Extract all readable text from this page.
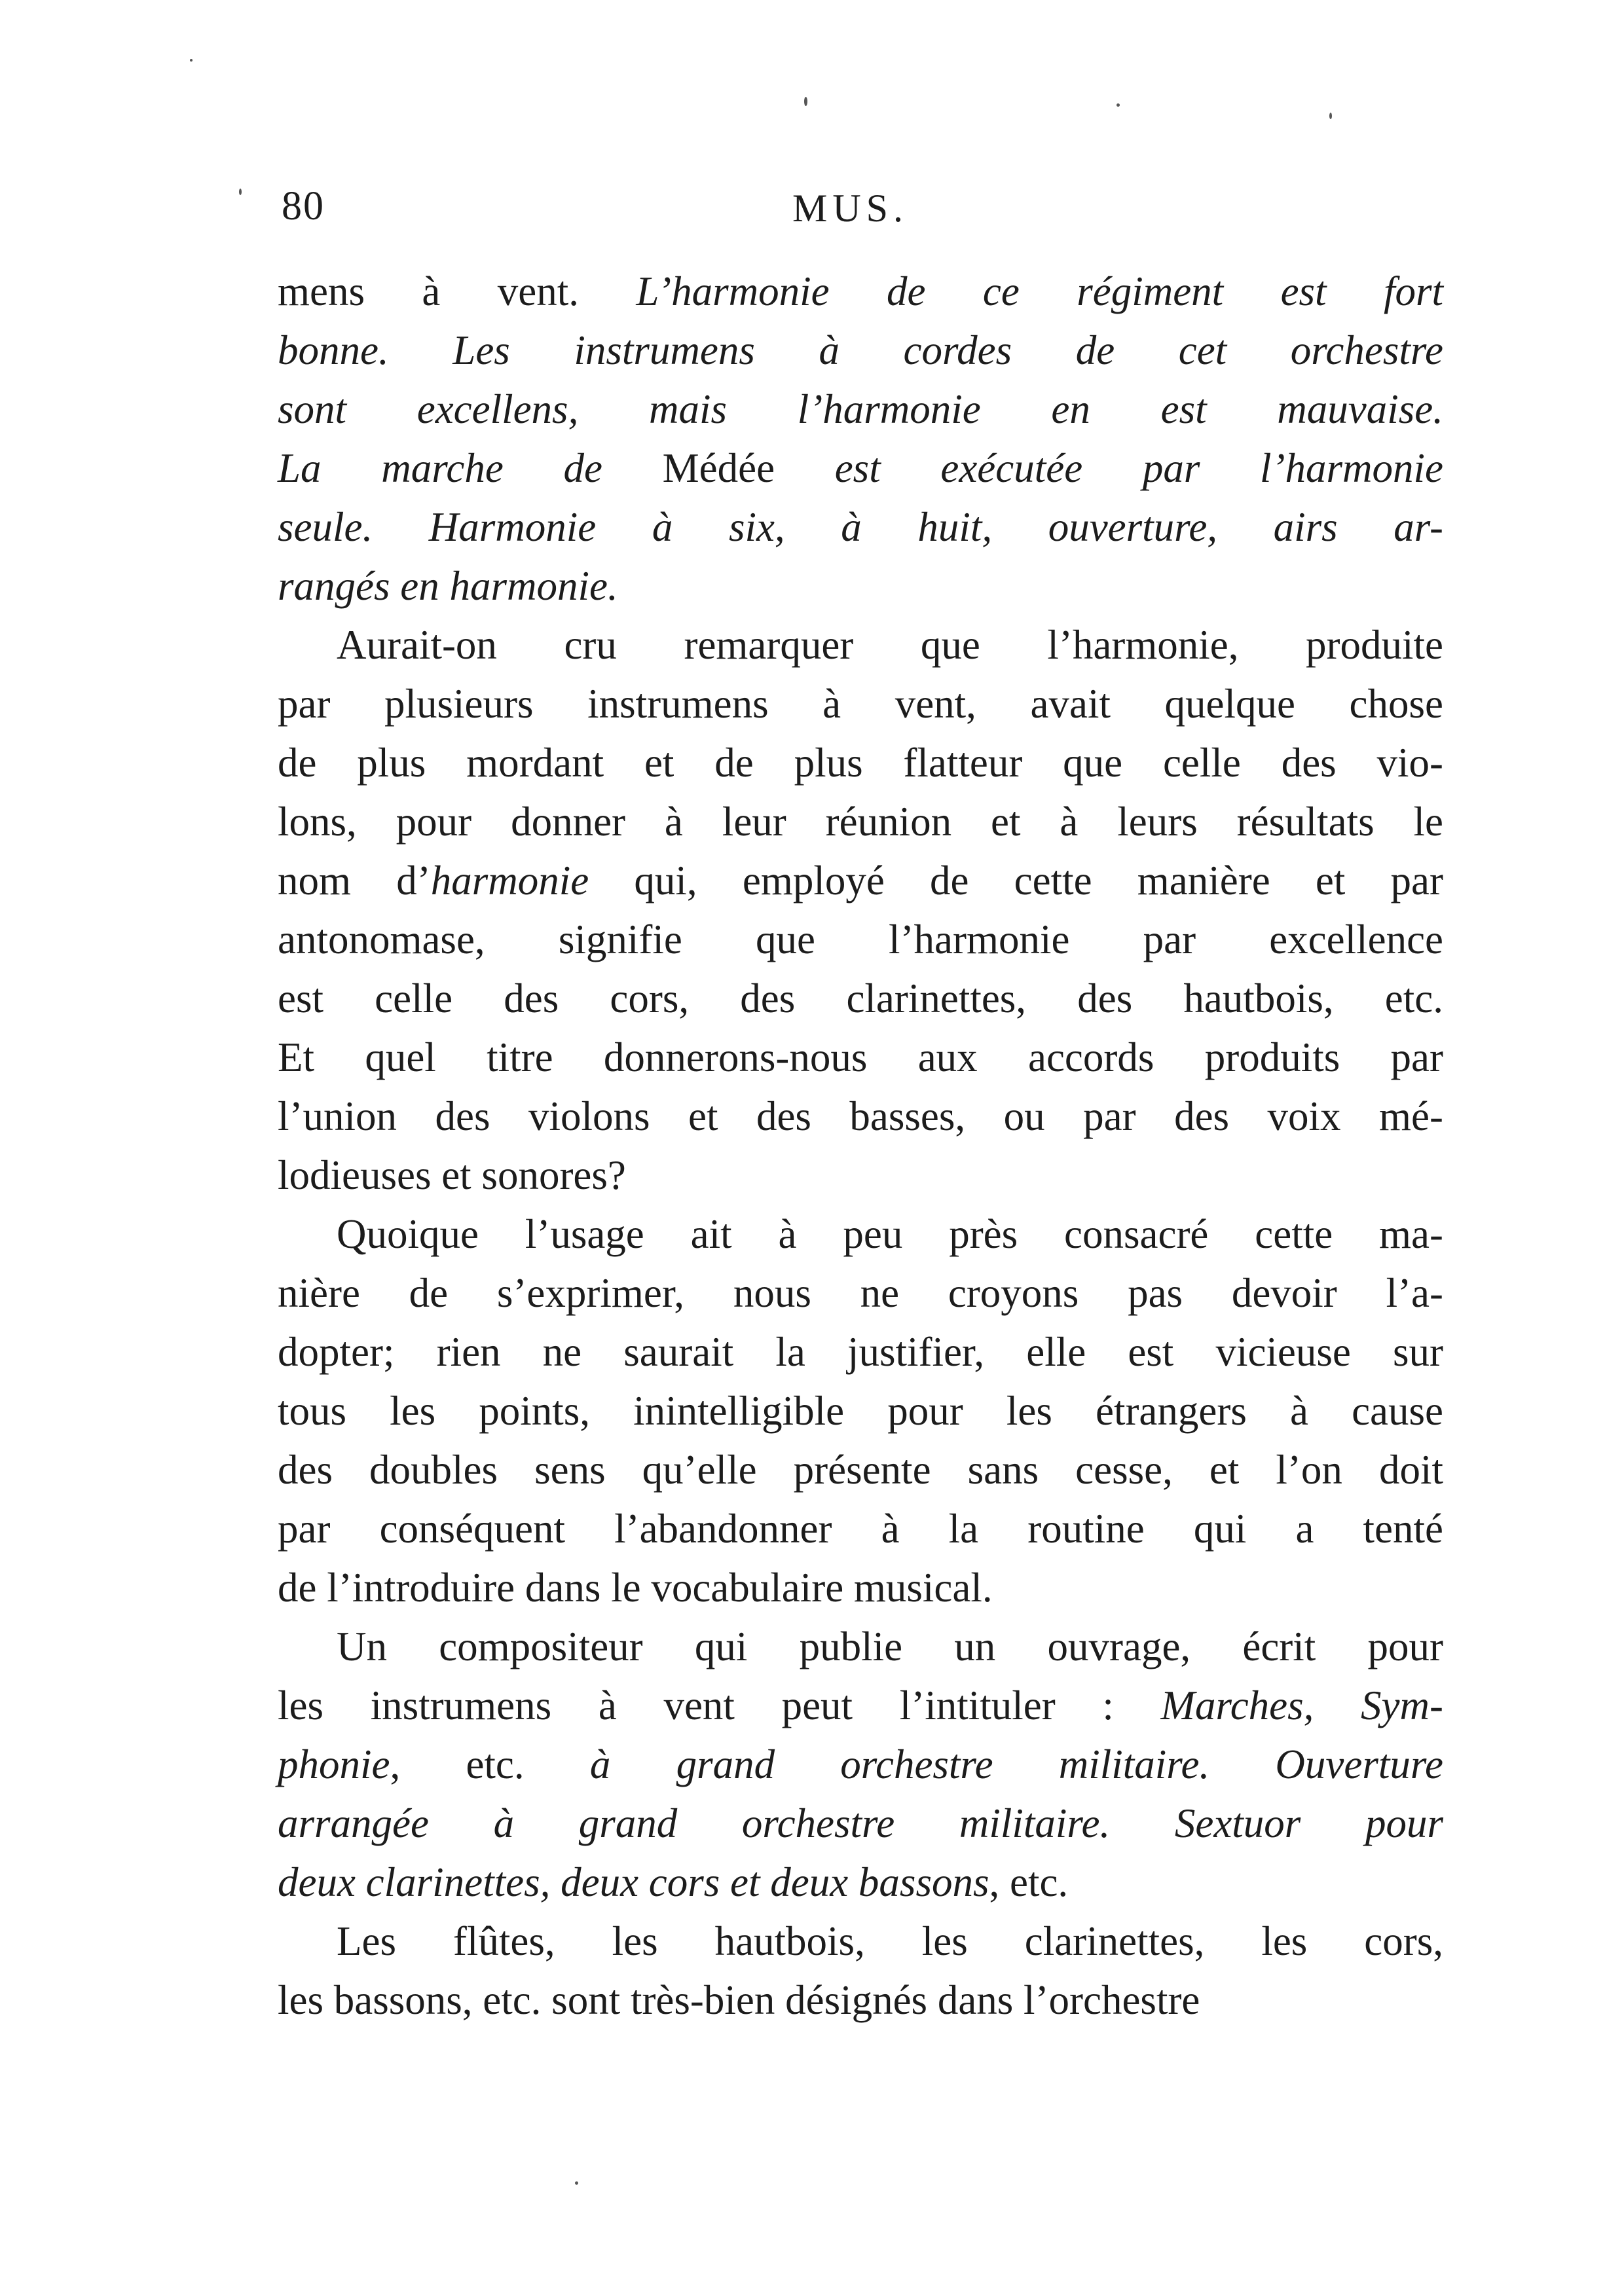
80	MUS.
mens à vent. L’harmonie de ce régiment est fort
bonne. Les instrumens à cordes de cet orchestre
sont excellens, mais l’harmonie en est mauvaise.
La marche de Médée est exécutée par l’harmonie
seule. Harmonie à six, à huit, ouverture, airs ar-
rangés en harmonie.
Aurait-on cru remarquer que l’harmonie, produite
par plusieurs instrumens à vent, avait quelque chose
de plus mordant et de plus flatteur que celle des vio-
lons, pour donner à leur réunion et à leurs résultats le
nom d’harmonie qui, employé de cette manière et par
antonomase, signifie que l’harmonie par excellence
est celle des cors, des clarinettes, des hautbois, etc.
Et quel titre donnerons-nous aux accords produits par
l’union des violons et des basses, ou par des voix mé-
lodieuses et sonores?
Quoique l’usage ait à peu près consacré cette ma-
nière de s’exprimer, nous ne croyons pas devoir l’a-
dopter; rien ne saurait la justifier, elle est vicieuse sur
tous les points, inintelligible pour les étrangers à cause
des doubles sens qu’elle présente sans cesse, et l’on doit
par conséquent l’abandonner à la routine qui a tenté
de l’introduire dans le vocabulaire musical.
Un compositeur qui publie un ouvrage, écrit pour
les instrumens à vent peut l’intituler : Marches, Sym-
phonie, etc. à grand orchestre militaire. Ouverture
arrangée à grand orchestre militaire. Sextuor pour
deux clarinettes, deux cors et deux bassons, etc.
Les flûtes, les hautbois, les clarinettes, les cors,
les bassons, etc. sont très-bien désignés dans l’orchestre
